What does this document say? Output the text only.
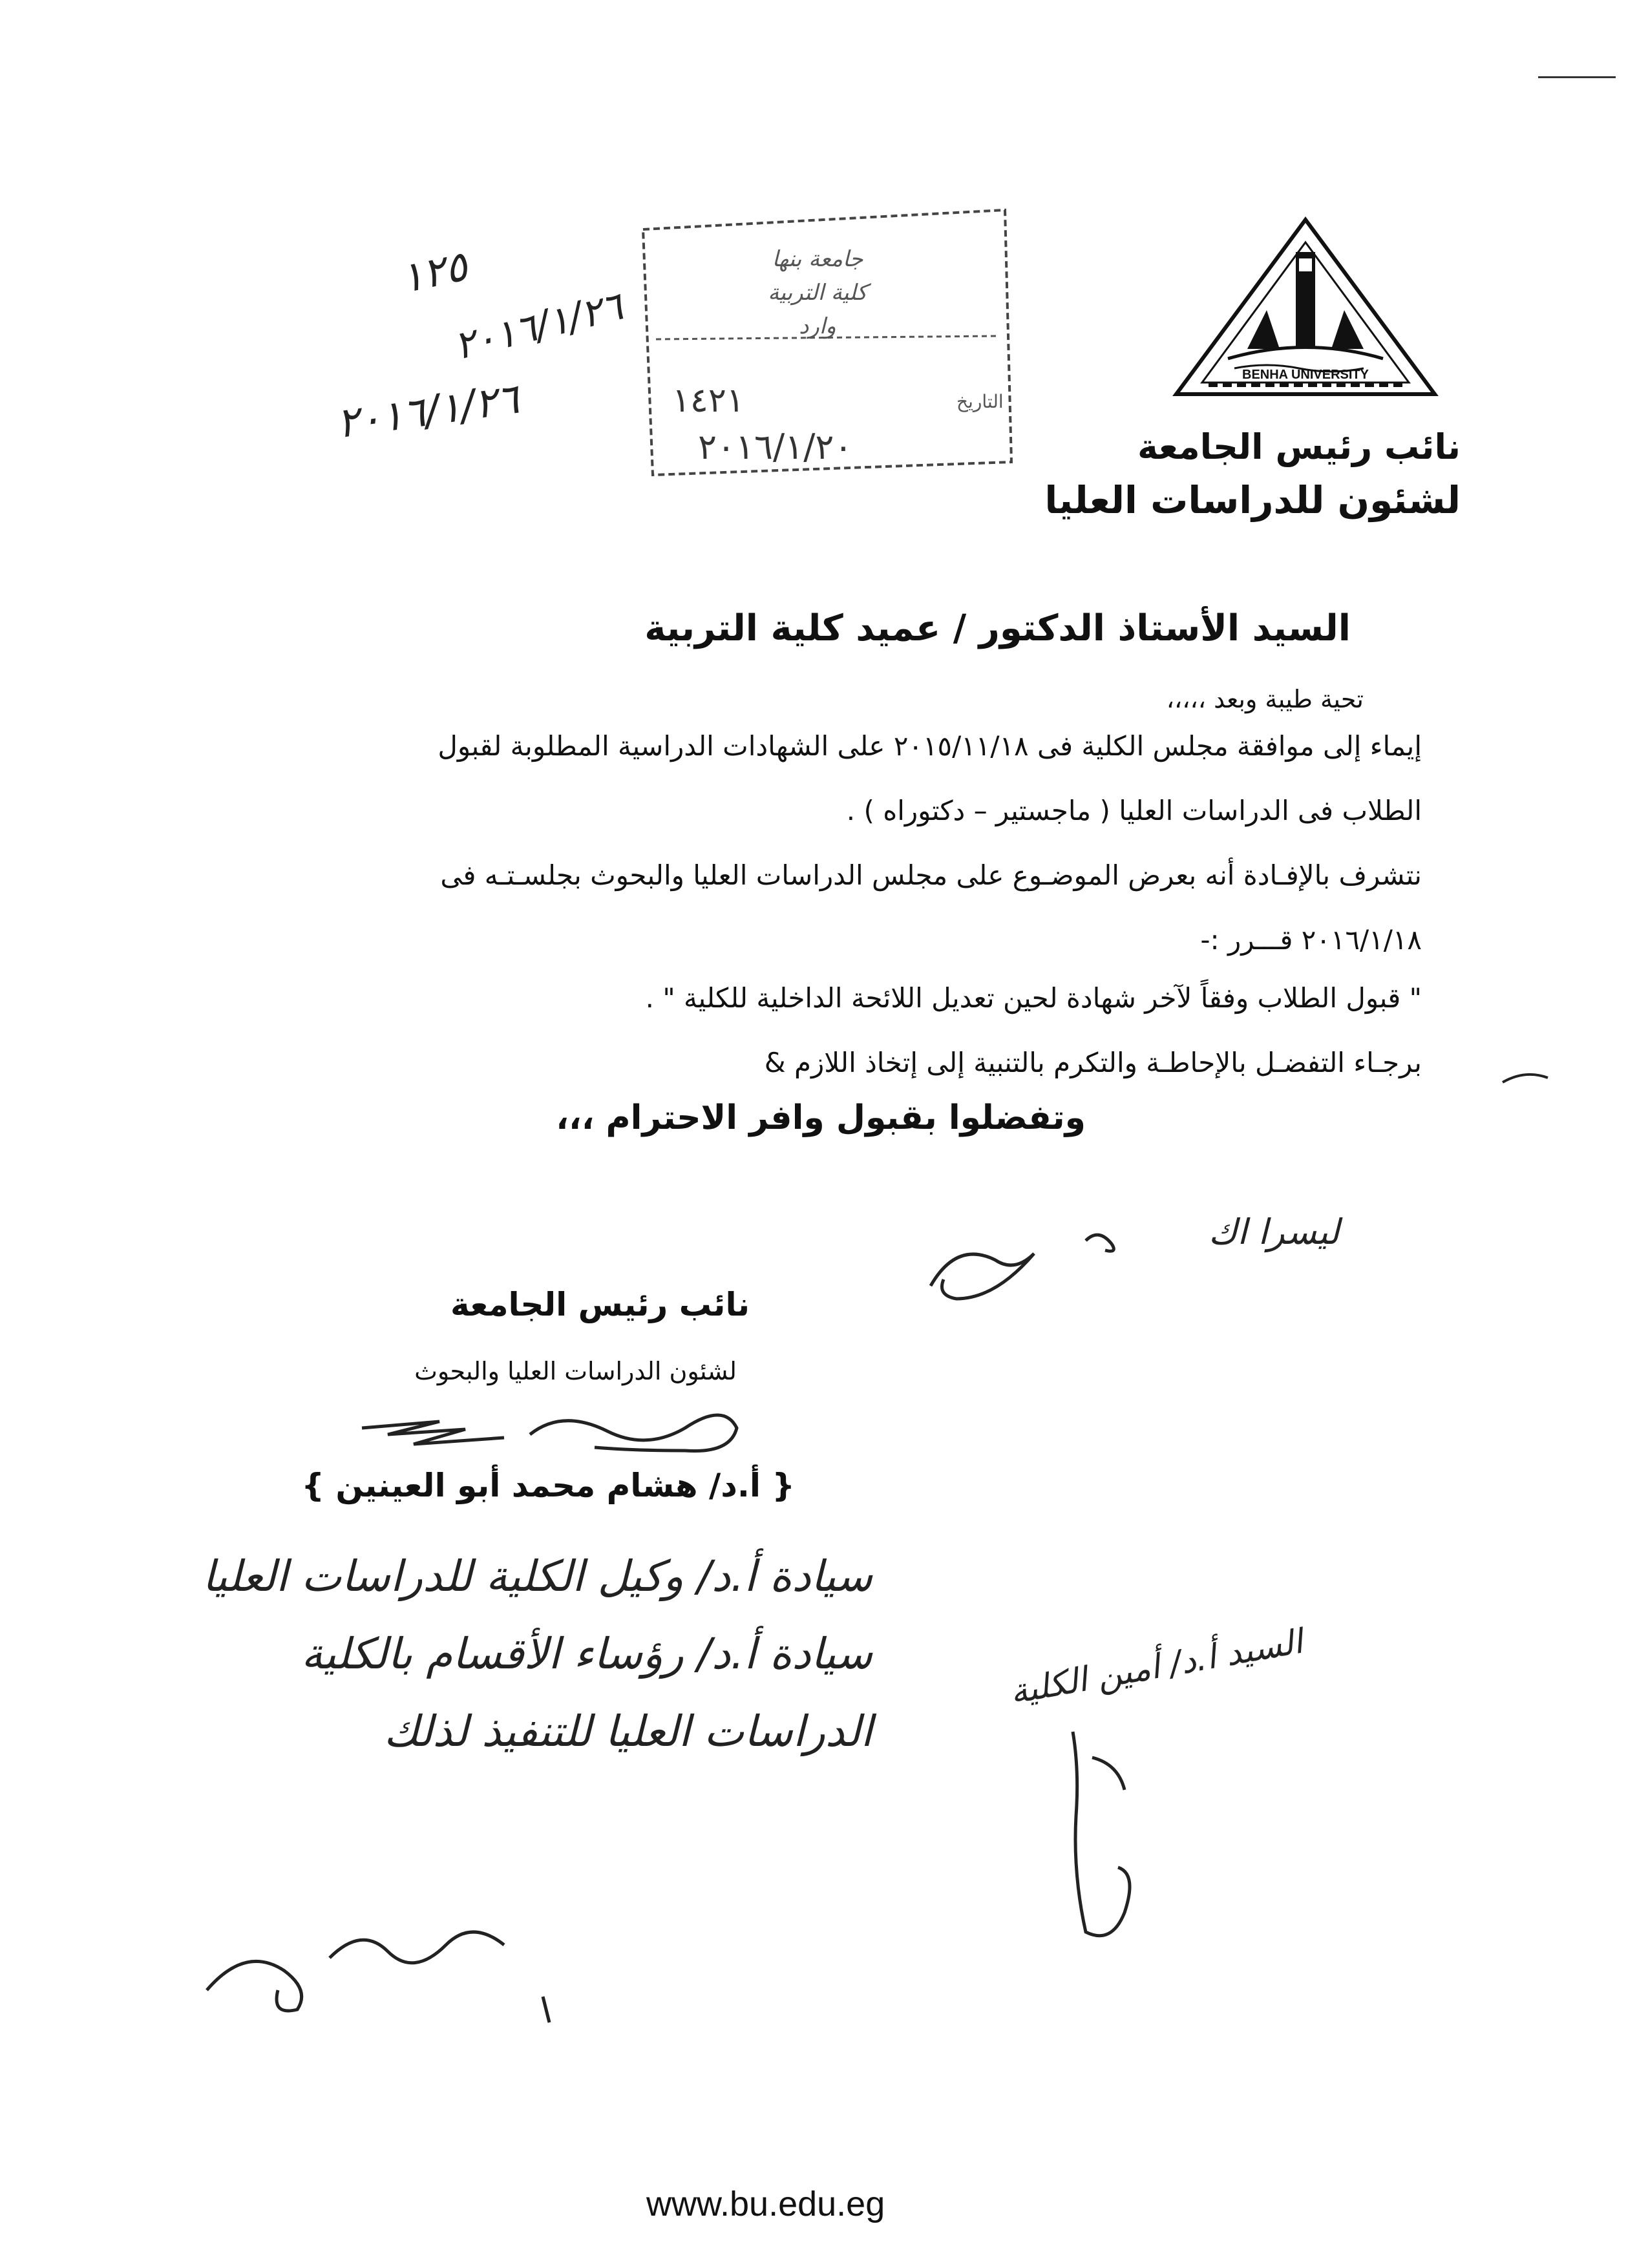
BENHA UNIVERSITY
نائب رئيس الجامعة
لشئون للدراسات العليا
جامعة بنها
كلية التربية
وارد
١٤٢١	التاريخ
٢٠١٦/١/٢٠
١٢٥
٢٠١٦/١/٢٦
٢٠١٦/١/٢٦
السيد الأستاذ الدكتور / عميد كلية التربية
تحية طيبة وبعد ،،،،،
إيماء إلى موافقة مجلس الكلية فى ٢٠١٥/١١/١٨ على الشهادات الدراسية المطلوبة لقبول
الطلاب فى الدراسات العليا ( ماجستير – دكتوراه ) .
نتشرف بالإفـادة أنه بعرض الموضـوع على مجلس الدراسات العليا والبحوث بجلسـتـه فى
٢٠١٦/١/١٨ قـــرر :-
" قبول الطلاب وفقاً لآخر شهادة لحين تعديل اللائحة الداخلية للكلية " .
برجـاء التفضـل بالإحاطـة والتكرم بالتنبية إلى إتخاذ اللازم &
وتفضلوا بقبول وافر الاحترام ،،،
ليسرا اك
نائب رئيس الجامعة
لشئون الدراسات العليا والبحوث
{ أ.د/ هشام محمد أبو العينين }
سيادة أ.د/ وكيل الكلية للدراسات العليا
سيادة أ.د/ رؤساء الأقسام بالكلية
الدراسات العليا للتنفيذ لذلك
السيد أ.د/ أمين الكلية
www.bu.edu.eg
